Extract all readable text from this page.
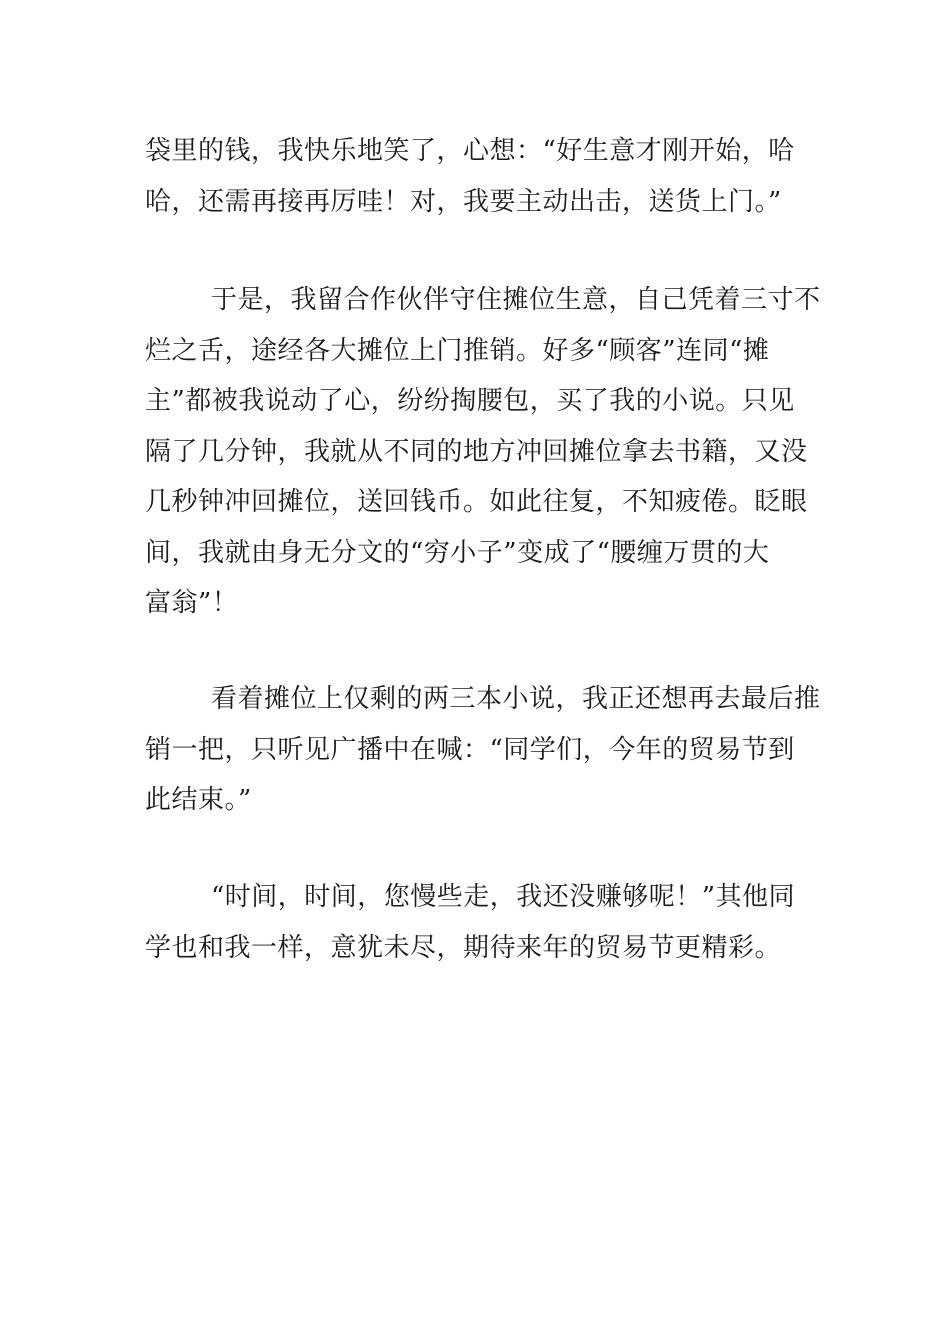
袋里的钱，我快乐地笑了，心想：“好生意才刚开始，哈
哈，还需再接再厉哇！对，我要主动出击，送货上门。”
于是，我留合作伙伴守住摊位生意，自己凭着三寸不
烂之舌，途经各大摊位上门推销。好多“顾客”连同“摊
主”都被我说动了心，纷纷掏腰包，买了我的小说。只见
隔了几分钟，我就从不同的地方冲回摊位拿去书籍，又没
几秒钟冲回摊位，送回钱币。如此往复，不知疲倦。眨眼
间，我就由身无分文的“穷小子”变成了“腰缠万贯的大
富翁”！
看着摊位上仅剩的两三本小说，我正还想再去最后推
销一把，只听见广播中在喊：“同学们，今年的贸易节到
此结束。”
“时间，时间，您慢些走，我还没赚够呢！”其他同
学也和我一样，意犹未尽，期待来年的贸易节更精彩。
